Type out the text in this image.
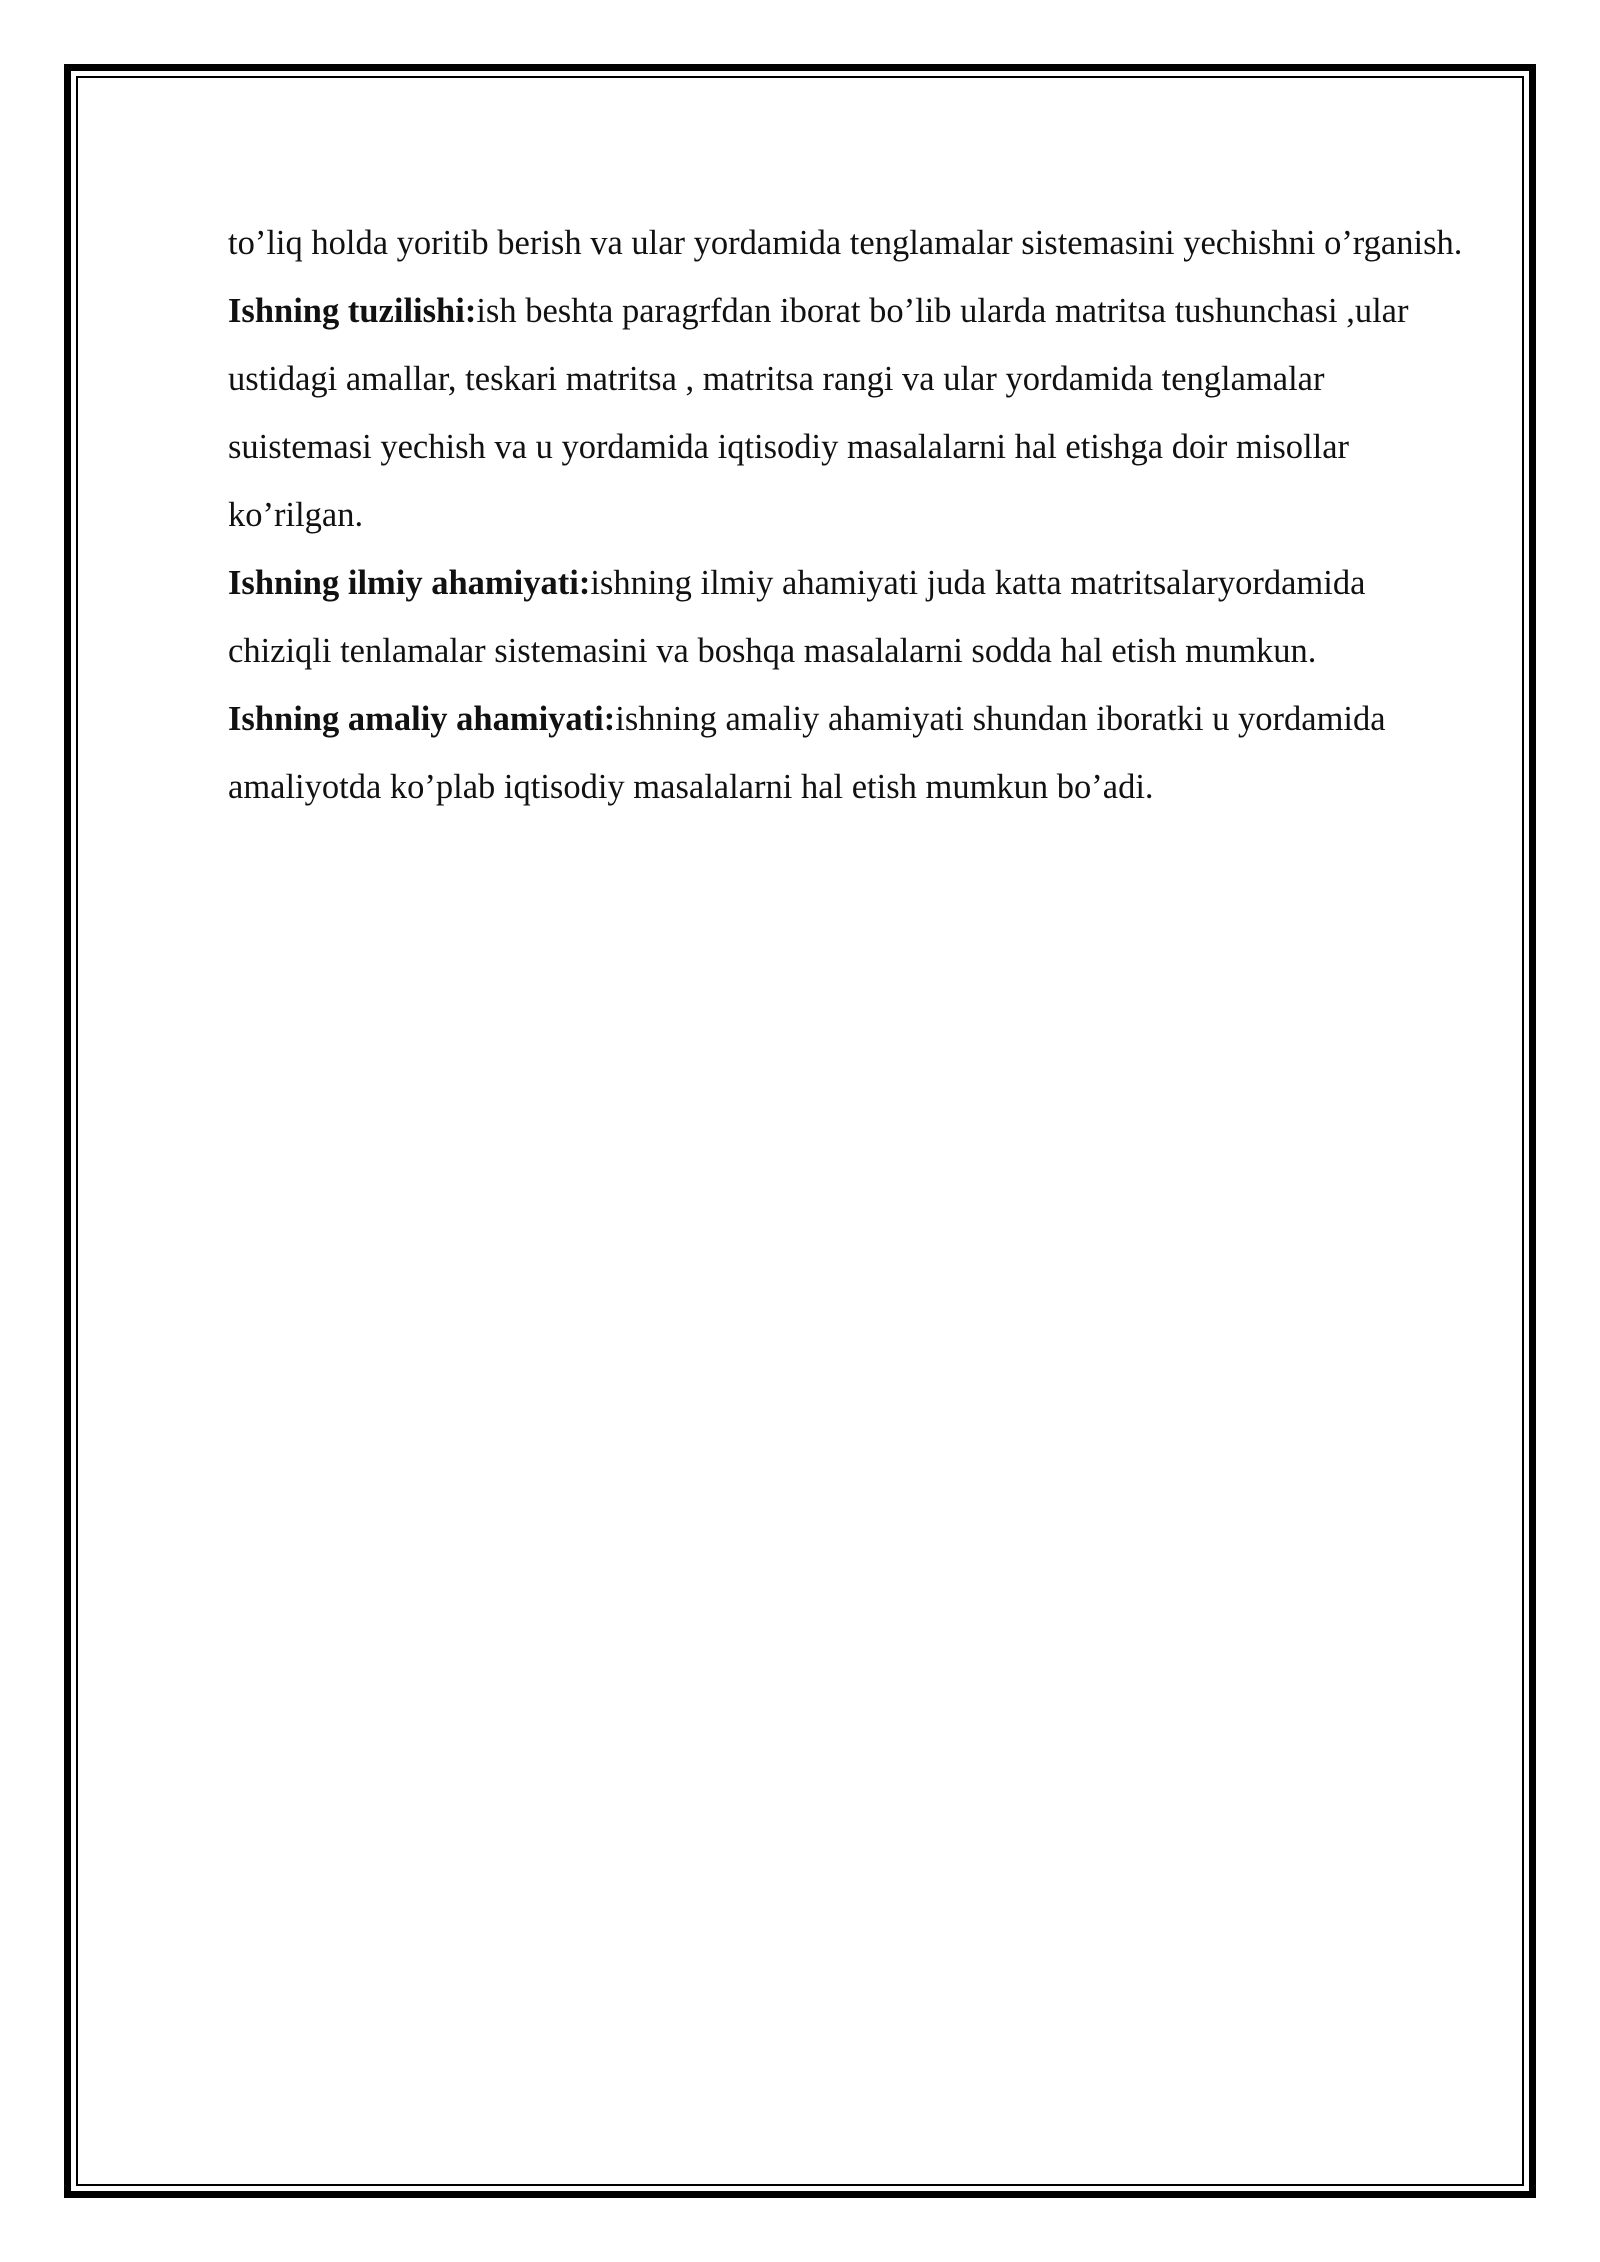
to’liq holda yoritib berish va ular yordamida tenglamalar sistemasini yechishni o’rganish.

Ishning tuzilishi:ish beshta paragrfdan iborat bo’lib ularda matritsa tushunchasi ,ular ustidagi amallar, teskari matritsa , matritsa rangi va ular yordamida tenglamalar suistemasi yechish va u yordamida iqtisodiy masalalarni hal etishga doir misollar ko’rilgan.

Ishning ilmiy ahamiyati:ishning ilmiy ahamiyati juda katta matritsalaryordamida chiziqli tenlamalar sistemasini va boshqa masalalarni sodda hal etish mumkun.

Ishning amaliy ahamiyati:ishning amaliy ahamiyati shundan iboratki u yordamida amaliyotda ko’plab iqtisodiy masalalarni hal etish mumkun bo’adi.
